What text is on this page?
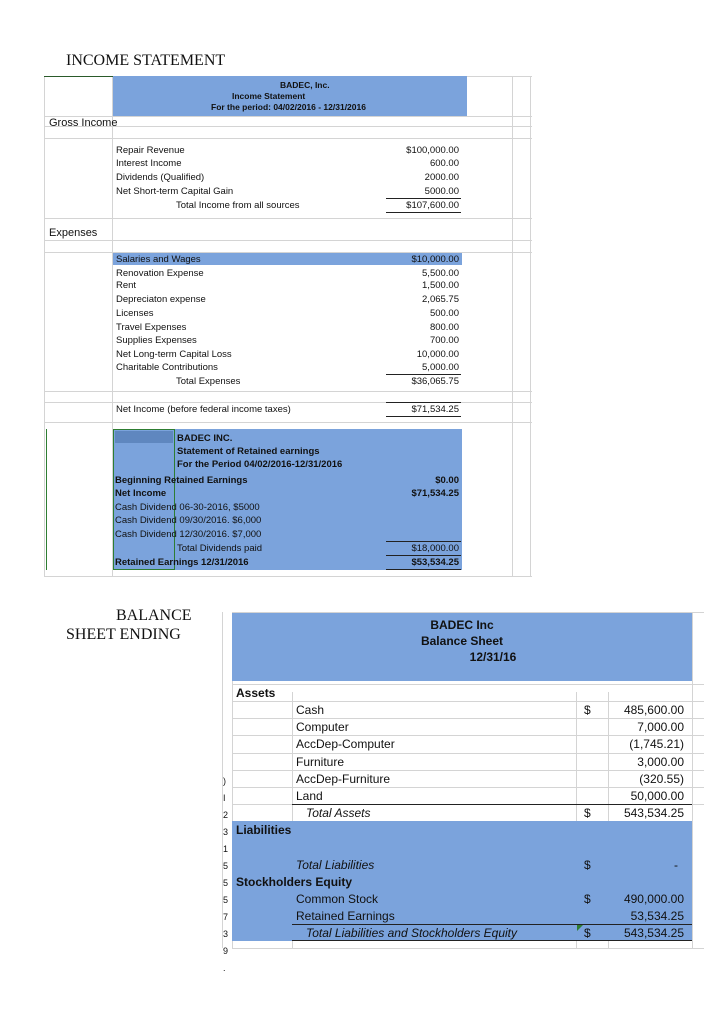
INCOME STATEMENT
BADEC, Inc.
Income Statement
For the period: 04/02/2016 - 12/31/2016
Gross Income
Repair Revenue	$100,000.00
Interest Income	600.00
Dividends (Qualified)	2000.00
Net Short-term Capital Gain	5000.00
Total Income from all sources	$107,600.00
Expenses
Salaries and Wages	$10,000.00
Renovation Expense	5,500.00
Rent	1,500.00
Depreciaton expense	2,065.75
Licenses	500.00
Travel Expenses	800.00
Supplies Expenses	700.00
Net Long-term Capital Loss	10,000.00
Charitable Contributions	5,000.00
Total Expenses	$36,065.75
Net Income (before federal income taxes)	$71,534.25
BADEC INC.
Statement of Retained earnings
For the Period 04/02/2016-12/31/2016
Beginning Retained Earnings	$0.00
Net Income	$71,534.25
Cash Dividend 06-30-2016, $5000
Cash Dividend 09/30/2016. $6,000
Cash Dividend 12/30/2016. $7,000
Total Dividends paid	$18,000.00
Retained Earnings 12/31/2016	$53,534.25
BALANCE
SHEET ENDING
)
I
2
3
1
5
5
5
7
3
9
.
BADEC Inc
Balance Sheet
12/31/16
Assets
Cash	$	485,600.00
Computer	7,000.00
AccDep-Computer	(1,745.21)
Furniture	3,000.00
AccDep-Furniture	(320.55)
Land	50,000.00
Total Assets	$	543,534.25
Liabilities
Total Liabilities	$	-
Stockholders Equity
Common Stock	$	490,000.00
Retained Earnings	53,534.25
Total Liabilities and Stockholders Equity	$	543,534.25
